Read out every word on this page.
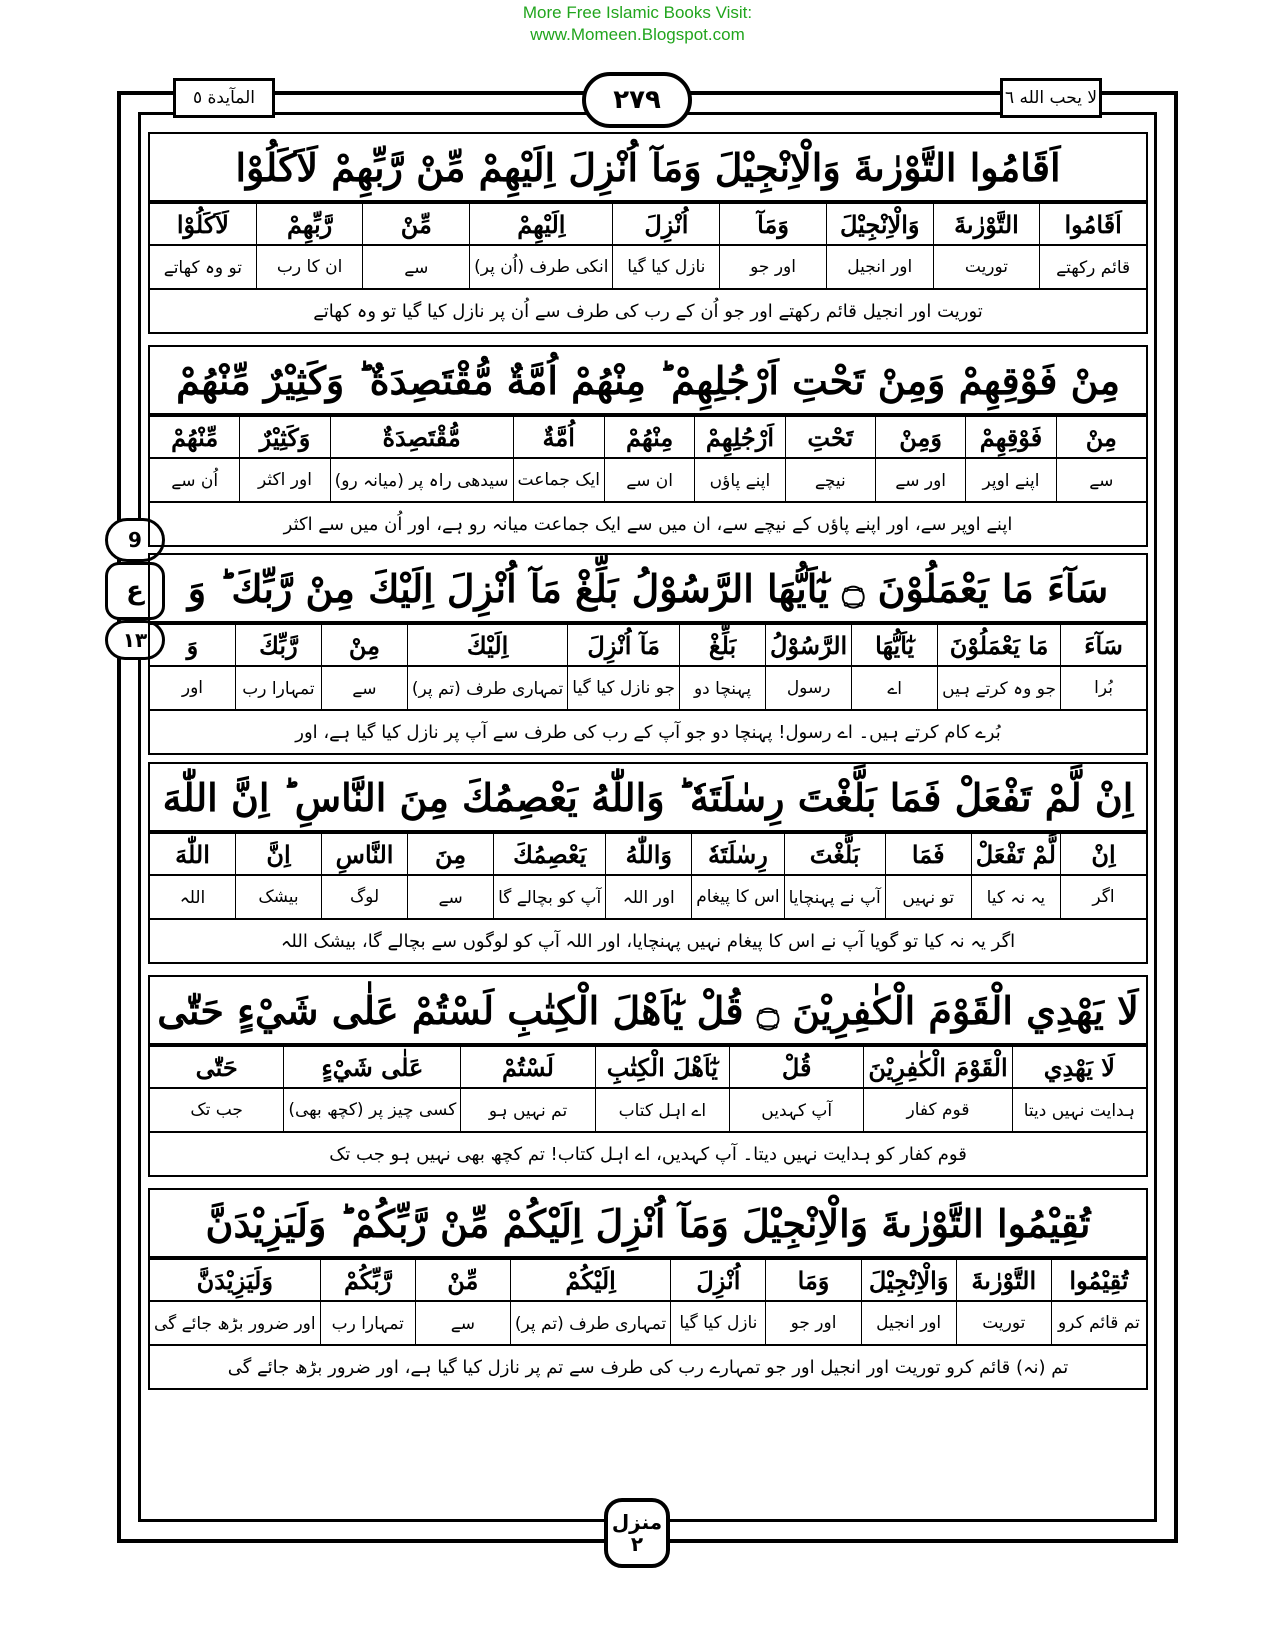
More Free Islamic Books Visit:
www.Momeen.Blogspot.com
المآيدة ٥	لا يحب الله ٦
۲۷۹
9
ع
۱۳
اَقَامُوا التَّوْرٰىةَ وَالْاِنْجِيْلَ وَمَآ اُنْزِلَ اِلَيْهِمْ مِّنْ رَّبِّهِمْ لَاَكَلُوْا
اَقَامُوا
قائم رکھتے
التَّوْرٰىةَ
توریت
وَالْاِنْجِيْلَ
اور انجیل
وَمَآ
اور جو
اُنْزِلَ
نازل کیا گیا
اِلَيْهِمْ
انکی طرف (اُن پر)
مِّنْ
سے
رَّبِّهِمْ
ان کا رب
لَاَكَلُوْا
تو وہ کھاتے
توریت اور انجیل قائم رکھتے اور جو اُن کے رب کی طرف سے اُن پر نازل کیا گیا تو وہ کھاتے
مِنْ فَوْقِهِمْ وَمِنْ تَحْتِ اَرْجُلِهِمْ ؕ مِنْهُمْ اُمَّةٌ مُّقْتَصِدَةٌ ؕ وَكَثِيْرٌ مِّنْهُمْ
مِنْ
سے
فَوْقِهِمْ
اپنے اوپر
وَمِنْ
اور سے
تَحْتِ
نیچے
اَرْجُلِهِمْ
اپنے پاؤں
مِنْهُمْ
ان سے
اُمَّةٌ
ایک جماعت
مُّقْتَصِدَةٌ
سیدھی راہ پر (میانہ رو)
وَكَثِيْرٌ
اور اکثر
مِّنْهُمْ
اُن سے
اپنے اوپر سے، اور اپنے پاؤں کے نیچے سے، ان میں سے ایک جماعت میانہ رو ہے، اور اُن میں سے اکثر
سَآءَ مَا يَعْمَلُوْنَ ۝ يٰٓاَيُّهَا الرَّسُوْلُ بَلِّغْ مَآ اُنْزِلَ اِلَيْكَ مِنْ رَّبِّكَ ؕ وَ
سَآءَ
بُرا
مَا يَعْمَلُوْنَ
جو وہ کرتے ہیں
يٰٓاَيُّهَا
اے
الرَّسُوْلُ
رسول
بَلِّغْ
پہنچا دو
مَآ اُنْزِلَ
جو نازل کیا گیا
اِلَيْكَ
تمہاری طرف (تم پر)
مِنْ
سے
رَّبِّكَ
تمہارا رب
وَ
اور
بُرے کام کرتے ہیں۔ اے رسول! پہنچا دو جو آپ کے رب کی طرف سے آپ پر نازل کیا گیا ہے، اور
اِنْ لَّمْ تَفْعَلْ فَمَا بَلَّغْتَ رِسٰلَتَهٗ ؕ وَاللّٰهُ يَعْصِمُكَ مِنَ النَّاسِ ؕ اِنَّ اللّٰهَ
اِنْ
اگر
لَّمْ تَفْعَلْ
یہ نہ کیا
فَمَا
تو نہیں
بَلَّغْتَ
آپ نے پہنچایا
رِسٰلَتَهٗ
اس کا پیغام
وَاللّٰهُ
اور اللہ
يَعْصِمُكَ
آپ کو بچالے گا
مِنَ
سے
النَّاسِ
لوگ
اِنَّ
بیشک
اللّٰهَ
اللہ
اگر یہ نہ کیا تو گویا آپ نے اس کا پیغام نہیں پہنچایا، اور اللہ آپ کو لوگوں سے بچالے گا، بیشک اللہ
لَا يَهْدِي الْقَوْمَ الْكٰفِرِيْنَ ۝ قُلْ يٰٓاَهْلَ الْكِتٰبِ لَسْتُمْ عَلٰى شَيْءٍ حَتّٰى
لَا يَهْدِي
ہدایت نہیں دیتا
الْقَوْمَ الْكٰفِرِيْنَ
قوم کفار
قُلْ
آپ کہدیں
يٰٓاَهْلَ الْكِتٰبِ
اے اہل کتاب
لَسْتُمْ
تم نہیں ہو
عَلٰى شَيْءٍ
کسی چیز پر (کچھ بھی)
حَتّٰى
جب تک
قوم کفار کو ہدایت نہیں دیتا۔ آپ کہدیں، اے اہل کتاب! تم کچھ بھی نہیں ہو جب تک
تُقِيْمُوا التَّوْرٰىةَ وَالْاِنْجِيْلَ وَمَآ اُنْزِلَ اِلَيْكُمْ مِّنْ رَّبِّكُمْ ؕ وَلَيَزِيْدَنَّ
تُقِيْمُوا
تم قائم کرو
التَّوْرٰىةَ
توریت
وَالْاِنْجِيْلَ
اور انجیل
وَمَا
اور جو
اُنْزِلَ
نازل کیا گیا
اِلَيْكُمْ
تمہاری طرف (تم پر)
مِّنْ
سے
رَّبِّكُمْ
تمہارا رب
وَلَيَزِيْدَنَّ
اور ضرور بڑھ جائے گی
تم (نہ) قائم کرو توریت اور انجیل اور جو تمہارے رب کی طرف سے تم پر نازل کیا گیا ہے، اور ضرور بڑھ جائے گی
منزل
۲
